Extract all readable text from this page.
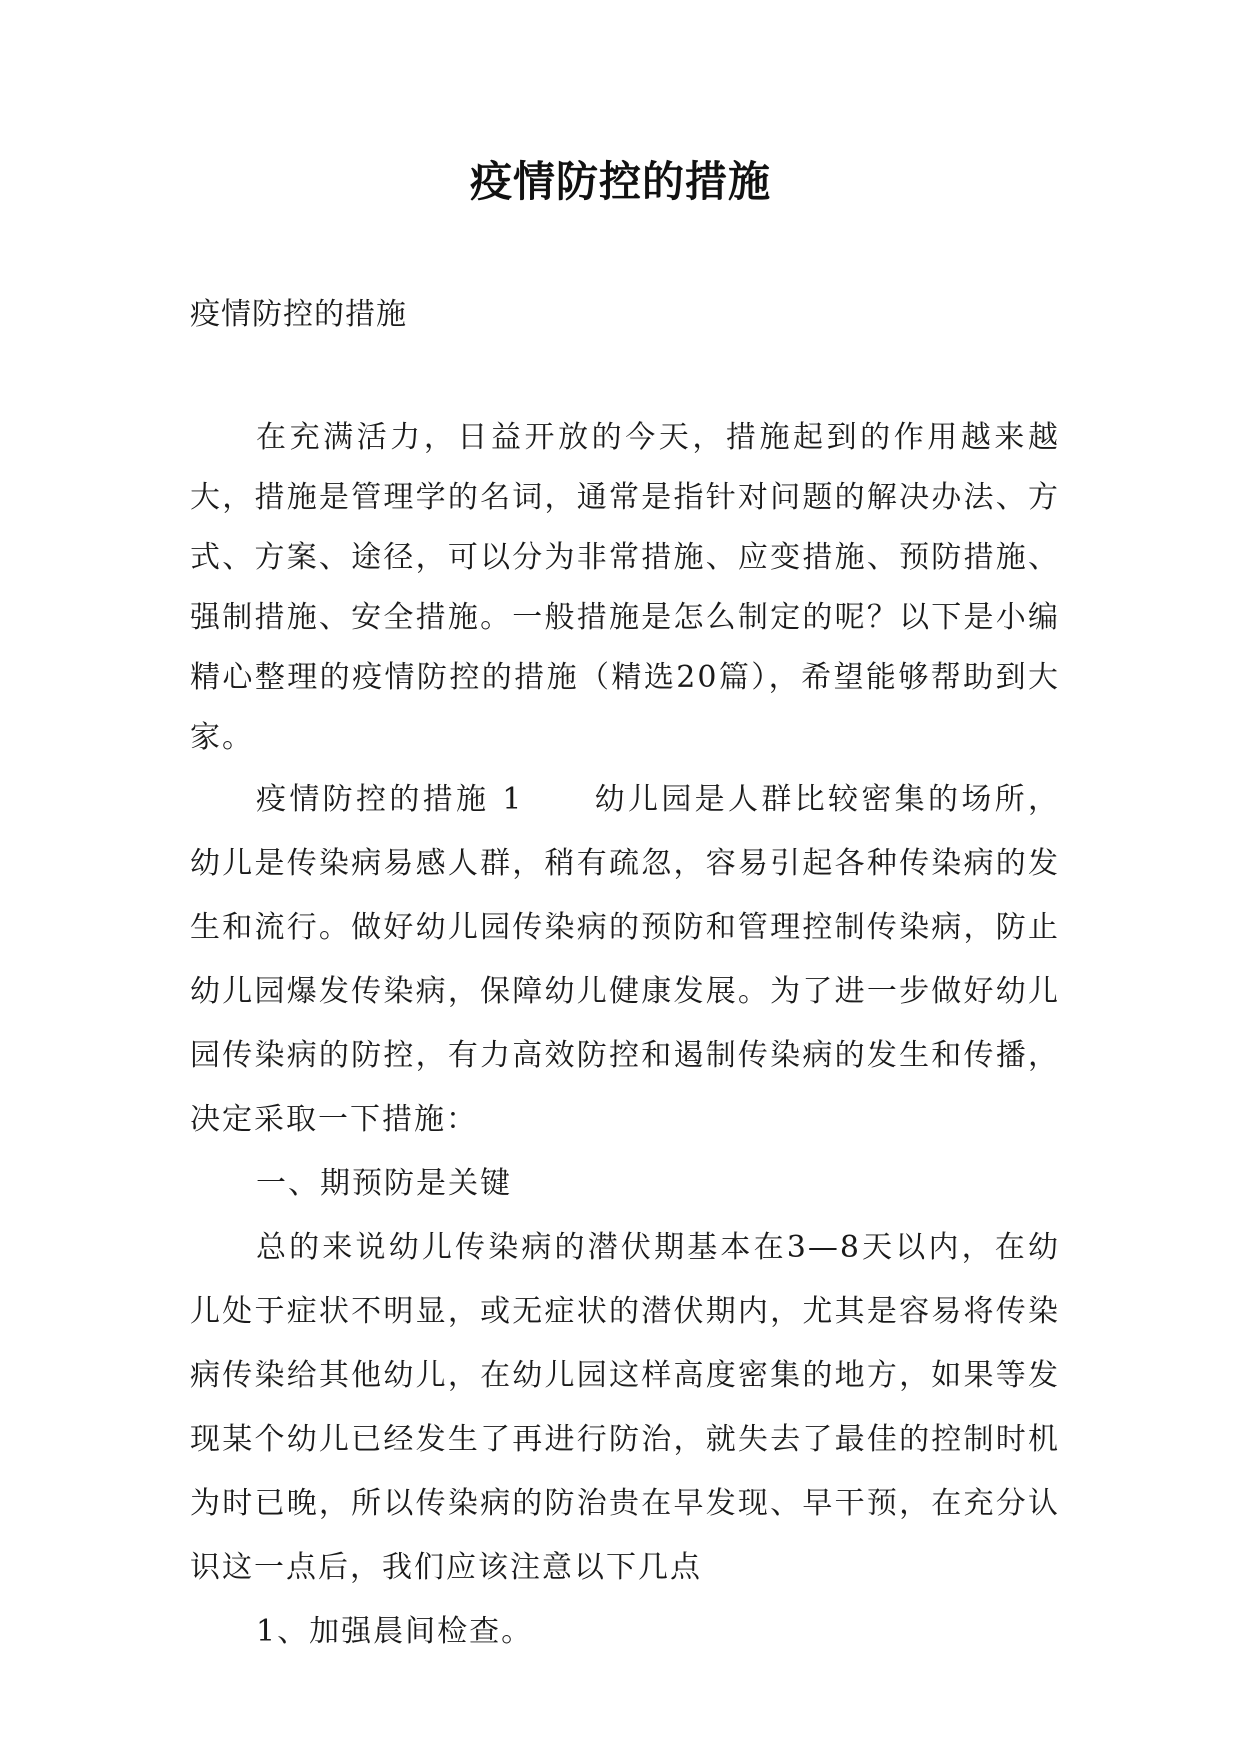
疫情防控的措施
疫情防控的措施

在充满活力，日益开放的今天，措施起到的作用越来越大，措施是管理学的名词，通常是指针对问题的解决办法、方式、方案、途径，可以分为非常措施、应变措施、预防措施、强制措施、安全措施。一般措施是怎么制定的呢？以下是小编精心整理的疫情防控的措施（精选20篇），希望能够帮助到大家。

疫情防控的措施 1 幼儿园是人群比较密集的场所，幼儿是传染病易感人群，稍有疏忽，容易引起各种传染病的发生和流行。做好幼儿园传染病的预防和管理控制传染病，防止幼儿园爆发传染病，保障幼儿健康发展。为了进一步做好幼儿园传染病的防控，有力高效防控和遏制传染病的发生和传播，决定采取一下措施：

一、期预防是关键

总的来说幼儿传染病的潜伏期基本在3—8天以内，在幼儿处于症状不明显，或无症状的潜伏期内，尤其是容易将传染病传染给其他幼儿，在幼儿园这样高度密集的地方，如果等发现某个幼儿已经发生了再进行防治，就失去了最佳的控制时机为时已晚，所以传染病的防治贵在早发现、早干预，在充分认识这一点后，我们应该注意以下几点

1、加强晨间检查。
